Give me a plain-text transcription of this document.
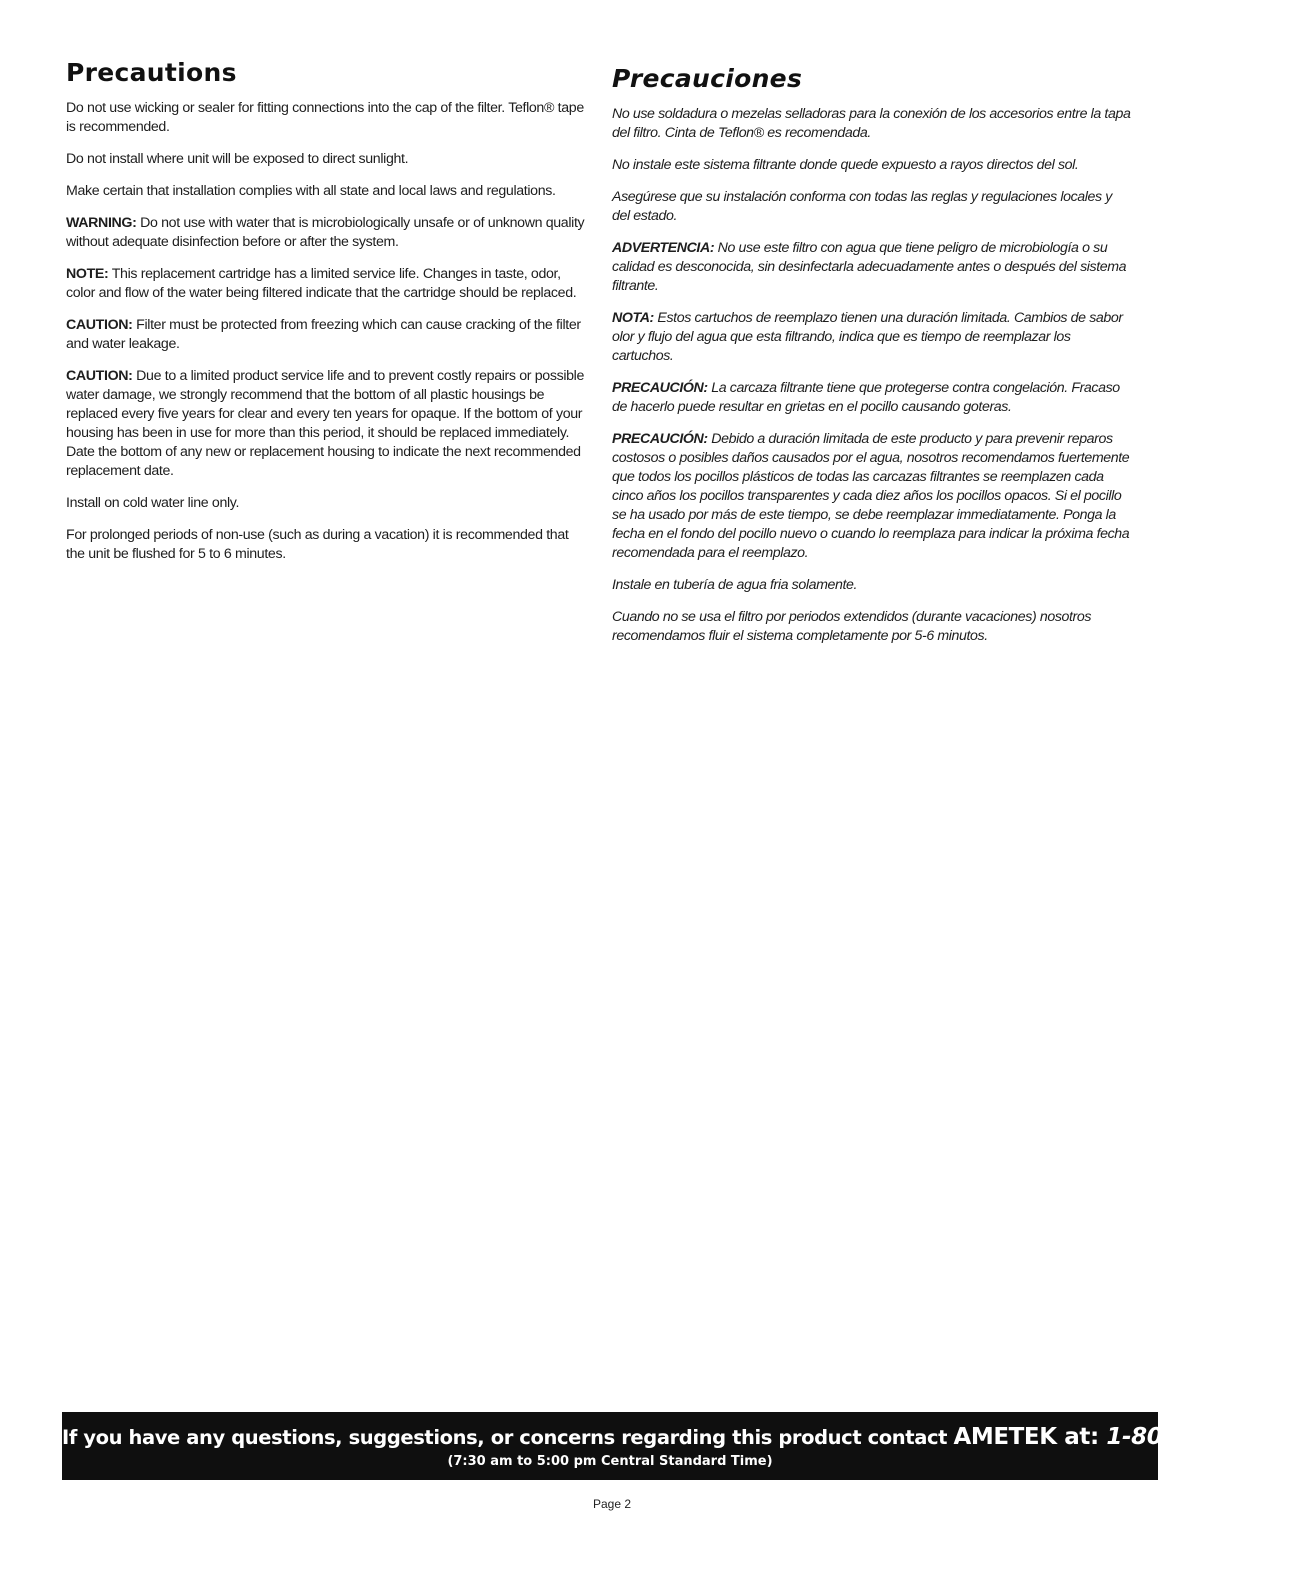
Precautions

Do not use wicking or sealer for fitting connections into the cap of the filter. Teflon® tape is recommended.

Do not install where unit will be exposed to direct sunlight.

Make certain that installation complies with all state and local laws and regulations.

WARNING: Do not use with water that is microbiologically unsafe or of unknown quality without adequate disinfection before or after the system.

NOTE: This replacement cartridge has a limited service life. Changes in taste, odor, color and flow of the water being filtered indicate that the cartridge should be replaced.

CAUTION: Filter must be protected from freezing which can cause cracking of the filter and water leakage.

CAUTION: Due to a limited product service life and to prevent costly repairs or possible water damage, we strongly recommend that the bottom of all plastic housings be replaced every five years for clear and every ten years for opaque. If the bottom of your housing has been in use for more than this period, it should be replaced immediately. Date the bottom of any new or replacement housing to indicate the next recommended replacement date.

Install on cold water line only.

For prolonged periods of non-use (such as during a vacation) it is recommended that the unit be flushed for 5 to 6 minutes.

Precauciones

No use soldadura o mezelas selladoras para la conexión de los accesorios entre la tapa del filtro. Cinta de Teflon® es recomendada.

No instale este sistema filtrante donde quede expuesto a rayos directos del sol.

Asegúrese que su instalación conforma con todas las reglas y regulaciones locales y del estado.

ADVERTENCIA: No use este filtro con agua que tiene peligro de microbiología o su calidad es desconocida, sin desinfectarla adecuadamente antes o después del sistema filtrante.

NOTA: Estos cartuchos de reemplazo tienen una duración limitada. Cambios de sabor olor y flujo del agua que esta filtrando, indica que es tiempo de reemplazar los cartuchos.

PRECAUCIÓN: La carcaza filtrante tiene que protegerse contra congelación. Fracaso de hacerlo puede resultar en grietas en el pocillo causando goteras.

PRECAUCIÓN: Debido a duración limitada de este producto y para prevenir reparos costosos o posibles daños causados por el agua, nosotros recomendamos fuertemente que todos los pocillos plásticos de todas las carcazas filtrantes se reemplazen cada cinco años los pocillos transparentes y cada diez años los pocillos opacos. Si el pocillo se ha usado por más de este tiempo, se debe reemplazar immediatamente. Ponga la fecha en el fondo del pocillo nuevo o cuando lo reemplaza para indicar la próxima fecha recomendada para el reemplazo.

Instale en tubería de agua fria solamente.

Cuando no se usa el filtro por periodos extendidos (durante vacaciones) nosotros recomendamos fluir el sistema completamente por 5-6 minutos.

If you have any questions, suggestions, or concerns regarding this product contact AMETEK at: 1-800-645-5426
(7:30 am to 5:00 pm Central Standard Time)
Page 2
